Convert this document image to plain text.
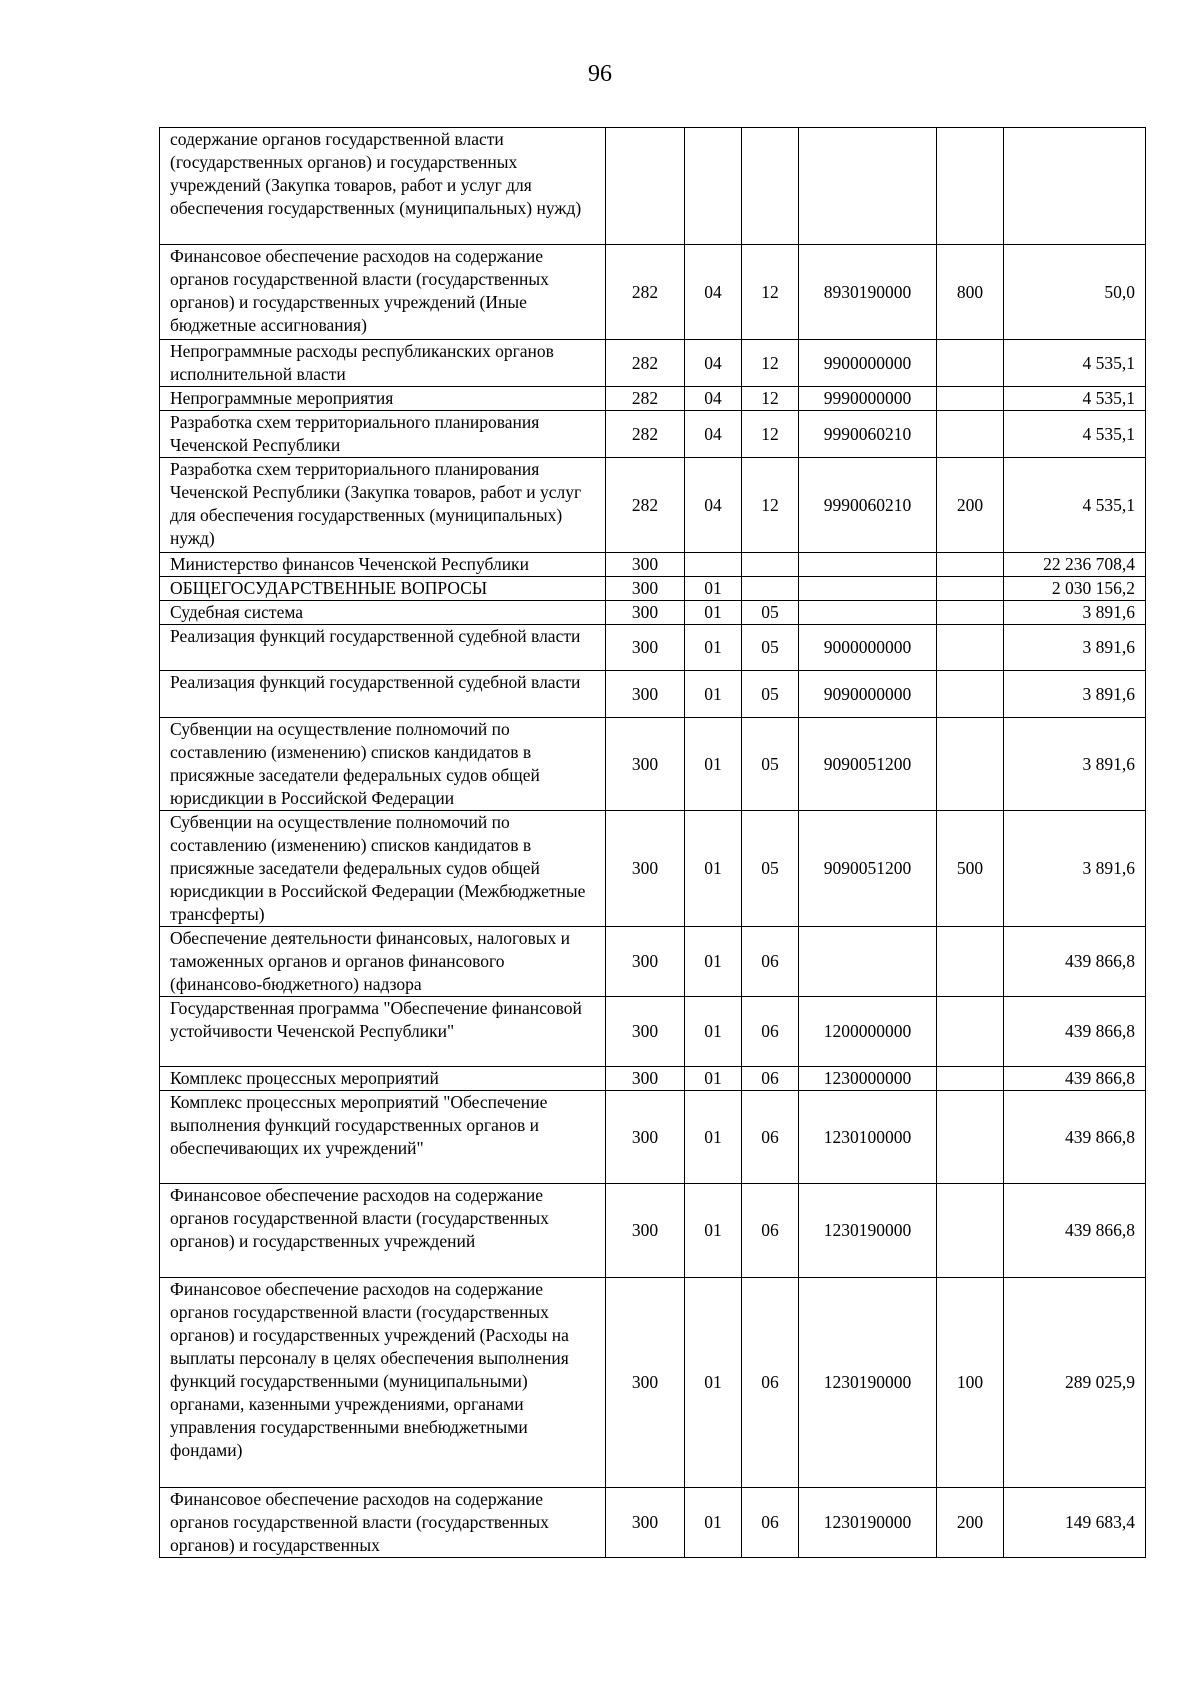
96
содержание органов государственной власти (государственных органов) и государственных учреждений (Закупка товаров, работ и услуг для обеспечения государственных (муниципальных) нужд)						
Финансовое обеспечение расходов на содержание органов государственной власти (государственных органов) и государственных учреждений (Иные бюджетные ассигнования)	282	04	12	8930190000	800	50,0
Непрограммные расходы республиканских органов исполнительной власти	282	04	12	9900000000		4 535,1
Непрограммные мероприятия	282	04	12	9990000000		4 535,1
Разработка схем территориального планирования Чеченской Республики	282	04	12	9990060210		4 535,1
Разработка схем территориального планирования Чеченской Республики (Закупка товаров, работ и услуг для обеспечения государственных (муниципальных) нужд)	282	04	12	9990060210	200	4 535,1
Министерство финансов Чеченской Республики	300					22 236 708,4
ОБЩЕГОСУДАРСТВЕННЫЕ ВОПРОСЫ	300	01				2 030 156,2
Судебная система	300	01	05			3 891,6
Реализация функций государственной судебной власти	300	01	05	9000000000		3 891,6
Реализация функций государственной судебной власти	300	01	05	9090000000		3 891,6
Субвенции на осуществление полномочий по составлению (изменению) списков кандидатов в присяжные заседатели федеральных судов общей юрисдикции в Российской Федерации	300	01	05	9090051200		3 891,6
Субвенции на осуществление полномочий по составлению (изменению) списков кандидатов в присяжные заседатели федеральных судов общей юрисдикции в Российской Федерации (Межбюджетные трансферты)	300	01	05	9090051200	500	3 891,6
Обеспечение деятельности финансовых, налоговых и таможенных органов и органов финансового (финансово-бюджетного) надзора	300	01	06			439 866,8
Государственная программа "Обеспечение финансовой устойчивости Чеченской Республики"	300	01	06	1200000000		439 866,8
Комплекс процессных мероприятий	300	01	06	1230000000		439 866,8
Комплекс процессных мероприятий "Обеспечение выполнения функций государственных органов и обеспечивающих их учреждений"	300	01	06	1230100000		439 866,8
Финансовое обеспечение расходов на содержание органов государственной власти (государственных органов) и государственных учреждений	300	01	06	1230190000		439 866,8
Финансовое обеспечение расходов на содержание органов государственной власти (государственных органов) и государственных учреждений (Расходы на выплаты персоналу в целях обеспечения выполнения функций государственными (муниципальными) органами, казенными учреждениями, органами управления государственными внебюджетными фондами)	300	01	06	1230190000	100	289 025,9
Финансовое обеспечение расходов на содержание органов государственной власти (государственных органов) и государственных	300	01	06	1230190000	200	149 683,4
